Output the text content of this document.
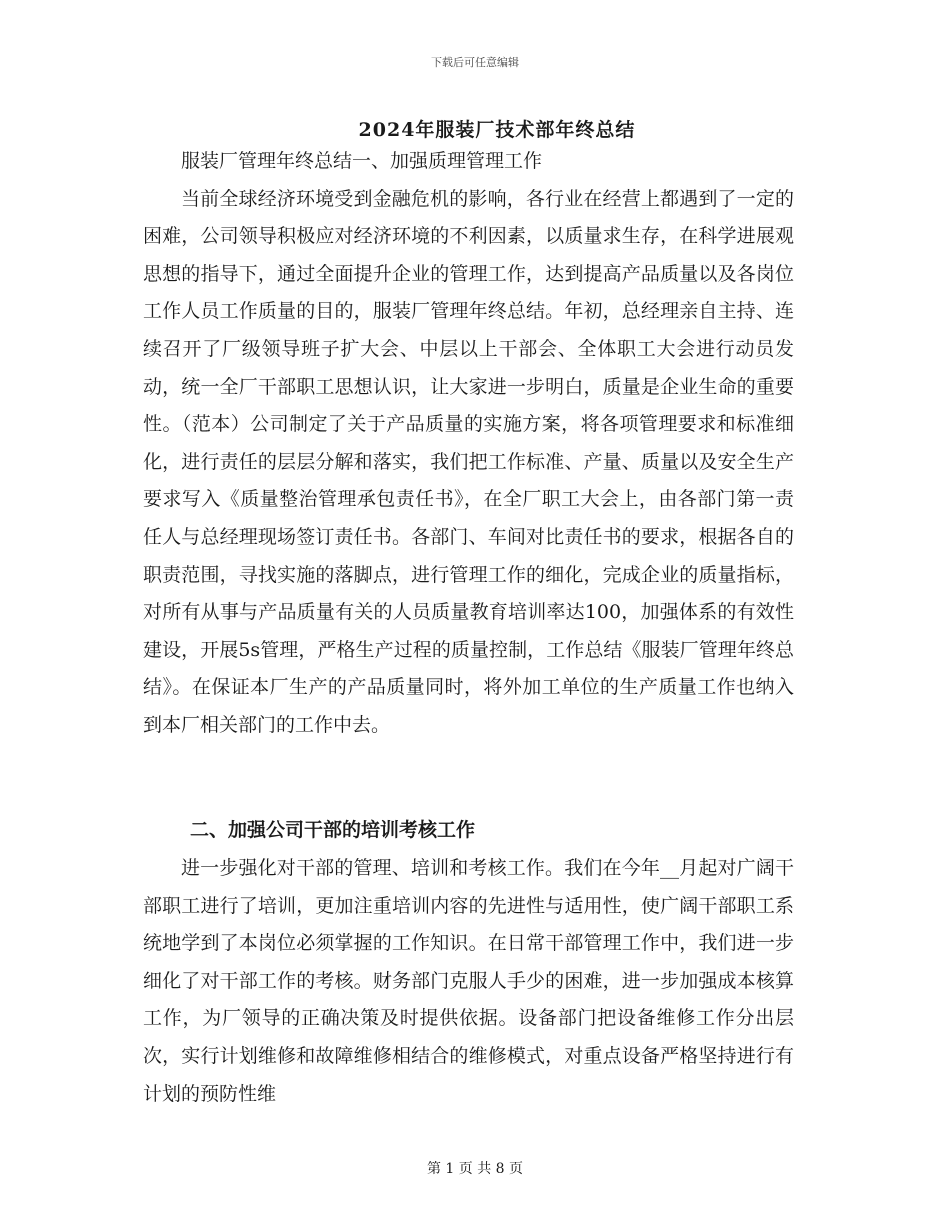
下载后可任意编辑
2024年服装厂技术部年终总结

服装厂管理年终总结一、加强质理管理工作

当前全球经济环境受到金融危机的影响，各行业在经营上都遇到了一定的困难，公司领导积极应对经济环境的不利因素，以质量求生存，在科学进展观思想的指导下，通过全面提升企业的管理工作，达到提高产品质量以及各岗位工作人员工作质量的目的，服装厂管理年终总结。年初，总经理亲自主持、连续召开了厂级领导班子扩大会、中层以上干部会、全体职工大会进行动员发动，统一全厂干部职工思想认识，让大家进一步明白，质量是企业生命的重要性。（范本）公司制定了关于产品质量的实施方案，将各项管理要求和标准细化，进行责任的层层分解和落实，我们把工作标准、产量、质量以及安全生产要求写入《质量整治管理承包责任书》，在全厂职工大会上，由各部门第一责任人与总经理现场签订责任书。各部门、车间对比责任书的要求，根据各自的职责范围，寻找实施的落脚点，进行管理工作的细化，完成企业的质量指标，对所有从事与产品质量有关的人员质量教育培训率达100，加强体系的有效性建设，开展5s管理，严格生产过程的质量控制，工作总结《服装厂管理年终总结》。在保证本厂生产的产品质量同时，将外加工单位的生产质量工作也纳入到本厂相关部门的工作中去。

二、加强公司干部的培训考核工作

进一步强化对干部的管理、培训和考核工作。我们在今年__月起对广阔干部职工进行了培训，更加注重培训内容的先进性与适用性，使广阔干部职工系统地学到了本岗位必须掌握的工作知识。在日常干部管理工作中，我们进一步细化了对干部工作的考核。财务部门克服人手少的困难，进一步加强成本核算工作，为厂领导的正确决策及时提供依据。设备部门把设备维修工作分出层次，实行计划维修和故障维修相结合的维修模式，对重点设备严格坚持进行有计划的预防性维

第 1 页 共 8 页
